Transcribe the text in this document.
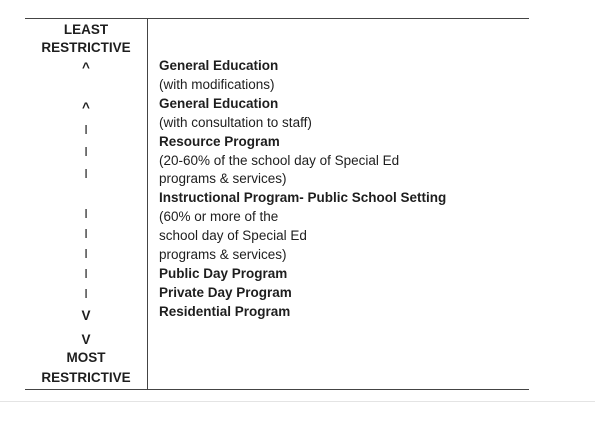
LEAST
RESTRICTIVE
^
^
I
I
I
I
I
I
I
I
V
V
MOST
RESTRICTIVE
General Education
(with modifications)
General Education
(with consultation to staff)
Resource Program
(20-60% of the school day of Special Ed
programs & services)
Instructional Program- Public School Setting
(60% or more of the
school day of Special Ed
programs & services)
Public Day Program
Private Day Program
Residential Program
